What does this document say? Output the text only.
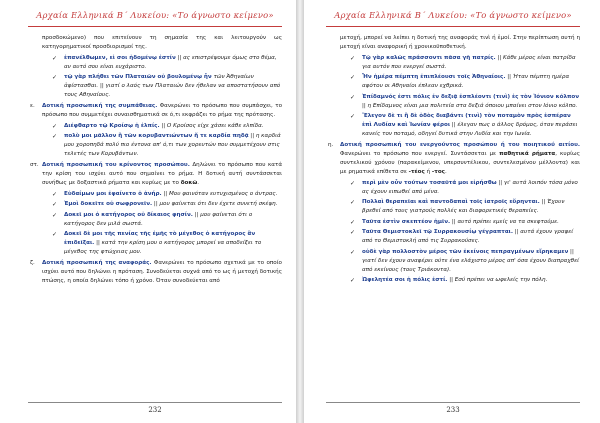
Αρχαία Ελληνικά Β΄ Λυκείου: «Το άγνωστο κείμενο»
προσδοκώμενο) που επιτείνουν τη σημασία της και λειτουργούν ως κατηγορηματικοί προσδιορισμοί της.
✓ ἐπανέλθωμεν, εἰ σοι ἡδομένῳ ἐστίν || ας επιστρέψουμε όμως στο θέμα, αν αυτό σου είναι ευχάριστο.
✓ τῷ γὰρ πλήθει τῶν Πλαταιῶν οὐ βουλομένῳ ἦν τῶν Ἀθηναίων ἀφίστασθαι. || γιατί ο λαός των Πλαταιών δεν ήθελαν να αποστατήσουν από τους Αθηναίους.
ε. Δοτική προσωπική της συμπάθειας. Φανερώνει το πρόσωπο που συμπάσχει, το πρόσωπο που συμμετέχει συναισθηματικά σε ό,τι εκφράζει το ρήμα της πρότασης.
✓ Διέφθαρτο τῷ Κροίσῳ ἡ ἐλπίς. || Ο Κροίσος είχε χάσει κάθε ελπίδα.
✓ πολὺ μοι μᾶλλον ἢ τῶν κορυβαντιώντων ἥ τε καρδία πηδᾷ || η καρδιά μου χοροπηδά πολύ πιο έντονα απ' ό,τι των χορευτών που συμμετέχουν στις τελετές των Κορυβάντων.
στ. Δοτική προσωπική του κρίνοντος προσώπου. Δηλώνει το πρόσωπο που κατά την κρίση του ισχύει αυτό που σημαίνει το ρήμα. Η δοτική αυτή συντάσσεται συνήθως με δοξαστικά ρήματα και κυρίως με το δοκῶ.
✓ Εὐδαίμων μοι ἐφαίνετο ὁ ἀνήρ. || Μου φαινόταν ευτυχισμένος ο άντρας.
✓ Ἐμοὶ δοκεῖτε οὐ σωφρονεῖν. || μου φαίνεται ότι δεν έχετε συνετή σκέψη.
✓ Δοκεῖ μοι ὁ κατήγορος οὐ δίκαιος φησίν. || μου φαίνεται ότι ο κατήγορος δεν μιλά σωστά.
✓ Δοκεῖ δὲ μοι τῆς πενίας τῆς ἐμῆς τὸ μέγεθος ὁ κατήγορος ἂν ἐπιδεῖξαι. || κατά την κρίση μου ο κατήγορος μπορεί να αποδείξει το μέγεθος της φτώχειας μου.
ζ. Δοτική προσωπική της αναφοράς. Φανερώνει το πρόσωπο σχετικά με το οποίο ισχύει αυτό που δηλώνει η πρόταση. Συνοδεύεται συχνά από το ως ή μετοχή δοτικής πτώσης, η οποία δηλώνει τόπο ή χρόνο. Όταν συνοδεύεται από
232
Αρχαία Ελληνικά Β΄ Λυκείου: «Το άγνωστο κείμενο»
μετοχή, μπορεί να λείπει η δοτική της αναφοράς τινὶ ή ἐμοί. Στην περίπτωση αυτή η μετοχή είναι αναφορική ή χρονικοϋποθετική.
✓ Τῷ γὰρ καλῶς πράσσοντι πᾶσα γῆ πατρίς. || Κάθε μέρος είναι πατρίδα για αυτόν που ενεργεί σωστά.
✓ Ἦν ἡμέρα πέμπτη ἐπιπλέουσι τοῖς Ἀθηναίοις. || Ήταν πέμπτη ημέρα αφότου οι Αθηναίοι έπλεαν εχθρικά.
✓ Ἐπίδαμνός ἐστι πόλις ἐν δεξιᾷ ἐσπλέοντι (τινὶ) ἐς τὸν Ἰόνιον κόλπον || η Επίδαμνος είναι μια πολιτεία στα δεξιά όποιου μπαίνει στον Ιόνιο κόλπο.
✓ Ἔλεγον δὲ τι ἢ δὲ ὁδὸς διαβάντι (τινὶ) τὸν ποταμὸν πρὸς ἑσπέραν ἐπὶ Λυδίαν καὶ Ἰωνίαν φέροι || έλεγαν πως ο άλλος δρόμος, όταν περάσει κανείς τον ποταμό, οδηγεί δυτικά στην Λυδία και την Ιωνία.
η. Δοτική προσωπική του ενεργούντος προσώπου ή του ποιητικού αιτίου. Φανερώνει το πρόσωπο που ενεργεί. Συντάσσεται με παθητικά ρήματα, κυρίως συντελικού χρόνου (παρακείμενου, υπερσυντέλικου, συντελεσμένου μέλλοντα) και με ρηματικά επίθετα σε -τέος ή -τος.
✓ περὶ μὲν οὖν τούτων τοσαῦτά μοι εἰρήσθω || γι' αυτά λοιπόν τόσα μόνο ας έχουν ειπωθεί από μένα.
✓ Πολλαὶ θεραπεῖαι καὶ παντοδαπαὶ τοῖς ἰατροῖς εὕρηνται. || Έχουν βρεθεί από τους γιατρούς πολλές και διαφορετικές θεραπείες.
✓ Ταῦτα ἐστὶν σκεπτέον ἡμῖν. || αυτό πρέπει εμείς να τα σκεφτούμε.
✓ Ταῦτα Θεμιστοκλεῖ τῷ Συρρακουσίῳ γέγραπται. || αυτά έχουν γραφεί από το Θεμιστοκλή από τις Συρρακούσες.
✓ οὐδὲ γὰρ πολλοστὸν μέρος τῶν ἐκείνοις πεπραγμένων εἴρηκαμεν || γιατί δεν έχουν αναφέρει ούτε ένα ελάχιστο μέρος απ' όσα έχουν διαπραχθεί από εκείνους (τους Τριάκοντα).
✓ Ὠφελητέα σοι ἡ πόλις ἐστί. || Εσύ πρέπει να ωφελείς την πόλη.
233
